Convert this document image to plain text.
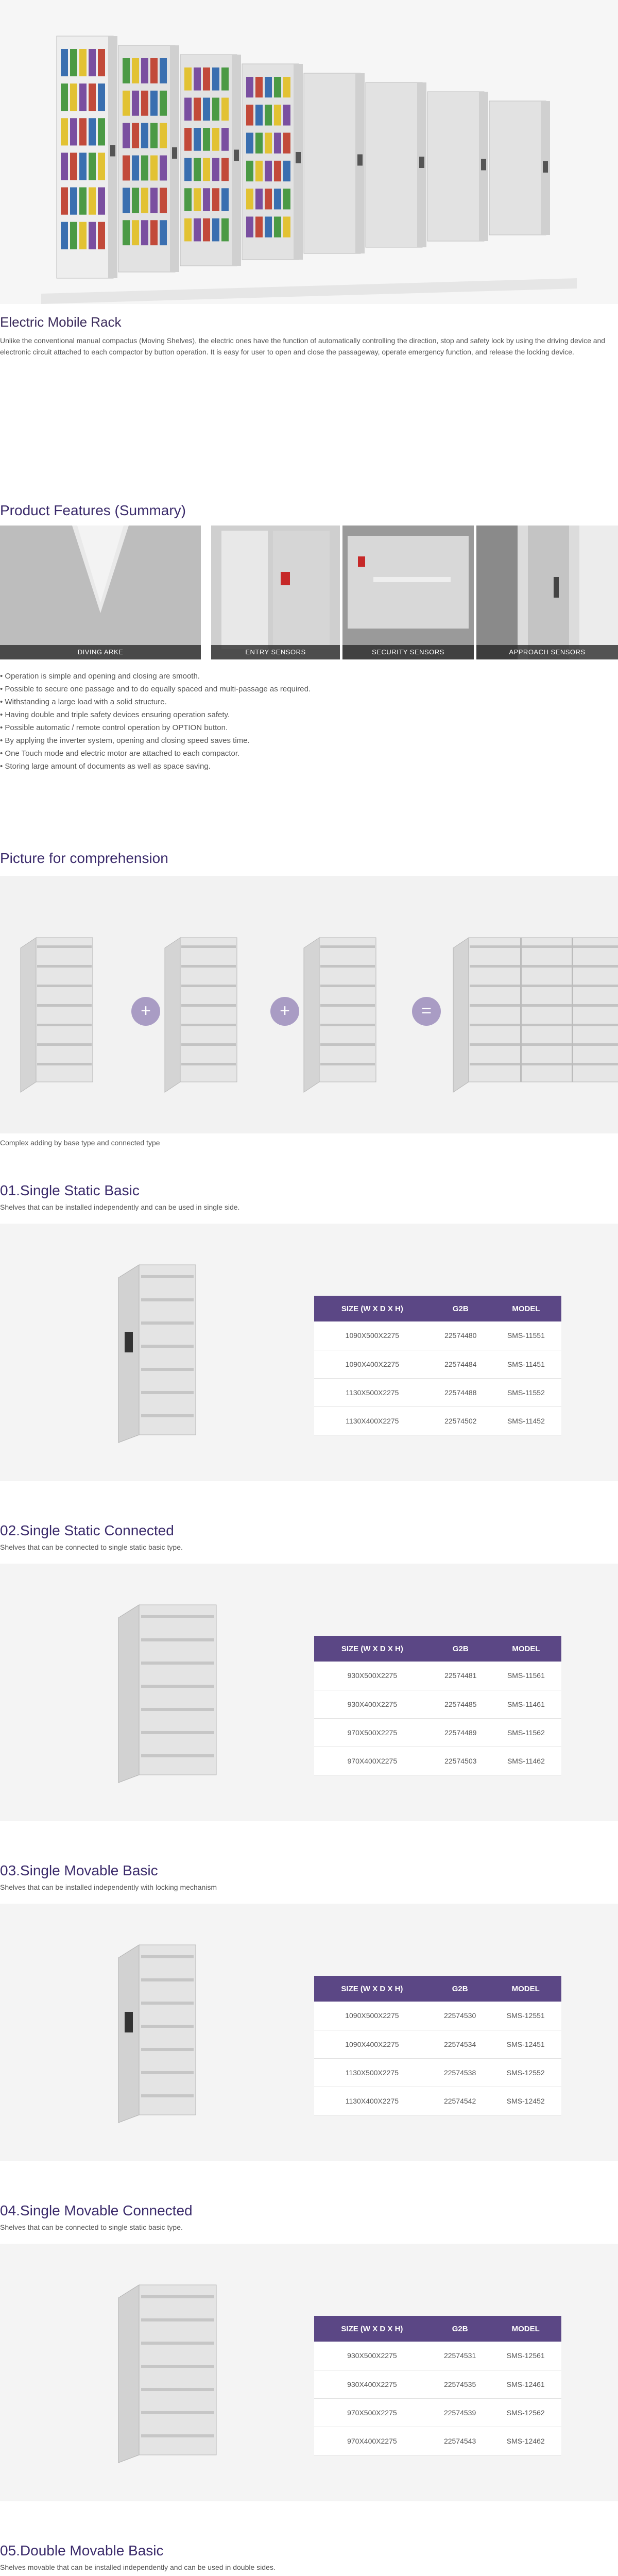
Electric Mobile Rack

Unlike the conventional manual compactus (Moving Shelves), the electric ones have the function of automatically controlling the direction, stop and safety lock by using the driving device and electronic circuit attached to each compactor by button operation. It is easy for user to open and close the passageway, operate emergency function, and release the locking device.

Product Features (Summary)
DIVING ARKE	ENTRY SENSORS	SECURITY SENSORS	APPROACH SENSORS
• Operation is simple and opening and closing are smooth.
• Possible to secure one passage and to do equally spaced and multi-passage as required.
• Withstanding a large load with a solid structure.
• Having double and triple safety devices ensuring operation safety.
• Possible automatic / remote control operation by OPTION button.
• By applying the inverter system, opening and closing speed saves time.
• One Touch mode and electric motor are attached to each compactor.
• Storing large amount of documents as well as space saving.
Picture for comprehension
+	+	=
Complex adding by base type and connected type
01.Single Static Basic
Shelves that can be installed independently and can be used in single side.
SIZE (W X D X H)	G2B	MODEL
1090X500X2275	22574480	SMS-11551
1090X400X2275	22574484	SMS-11451
1130X500X2275	22574488	SMS-11552
1130X400X2275	22574502	SMS-11452
02.Single Static Connected
Shelves that can be connected to single static basic type.
SIZE (W X D X H)	G2B	MODEL
930X500X2275	22574481	SMS-11561
930X400X2275	22574485	SMS-11461
970X500X2275	22574489	SMS-11562
970X400X2275	22574503	SMS-11462
03.Single Movable Basic
Shelves that can be installed independently with locking mechanism
SIZE (W X D X H)	G2B	MODEL
1090X500X2275	22574530	SMS-12551
1090X400X2275	22574534	SMS-12451
1130X500X2275	22574538	SMS-12552
1130X400X2275	22574542	SMS-12452
04.Single Movable Connected
Shelves that can be connected to single static basic type.
SIZE (W X D X H)	G2B	MODEL
930X500X2275	22574531	SMS-12561
930X400X2275	22574535	SMS-12461
970X500X2275	22574539	SMS-12562
970X400X2275	22574543	SMS-12462
05.Double Movable Basic
Shelves movable that can be installed independently and can be used in double sides.
